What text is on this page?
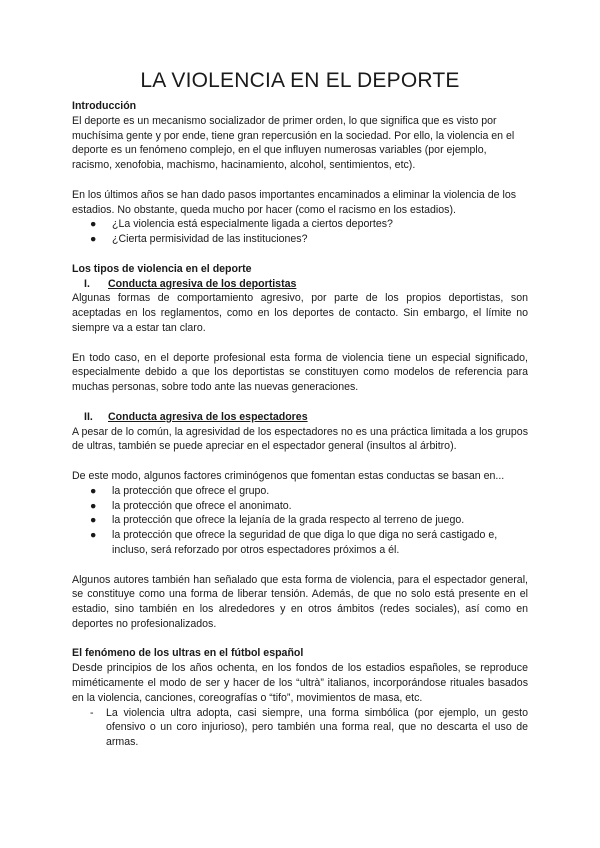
LA VIOLENCIA EN EL DEPORTE

Introducción

El deporte es un mecanismo socializador de primer orden, lo que significa que es visto por muchísima gente y por ende, tiene gran repercusión en la sociedad. Por ello, la violencia en el deporte es un fenómeno complejo, en el que influyen numerosas variables (por ejemplo, racismo, xenofobia, machismo, hacinamiento, alcohol, sentimientos, etc).

En los últimos años se han dado pasos importantes encaminados a eliminar la violencia de los estadios. No obstante, queda mucho por hacer (como el racismo en los estadios).

● ¿La violencia está especialmente ligada a ciertos deportes?
● ¿Cierta permisividad de las instituciones?

Los tipos de violencia en el deporte

I. Conducta agresiva de los deportistas

Algunas formas de comportamiento agresivo, por parte de los propios deportistas, son aceptadas en los reglamentos, como en los deportes de contacto. Sin embargo, el límite no siempre va a estar tan claro.

En todo caso, en el deporte profesional esta forma de violencia tiene un especial significado, especialmente debido a que los deportistas se constituyen como modelos de referencia para muchas personas, sobre todo ante las nuevas generaciones.

II. Conducta agresiva de los espectadores

A pesar de lo común, la agresividad de los espectadores no es una práctica limitada a los grupos de ultras, también se puede apreciar en el espectador general (insultos al árbitro).

De este modo, algunos factores criminógenos que fomentan estas conductas se basan en...

● la protección que ofrece el grupo.
● la protección que ofrece el anonimato.
● la protección que ofrece la lejanía de la grada respecto al terreno de juego.
● la protección que ofrece la seguridad de que diga lo que diga no será castigado e, incluso, será reforzado por otros espectadores próximos a él.

Algunos autores también han señalado que esta forma de violencia, para el espectador general, se constituye como una forma de liberar tensión. Además, de que no solo está presente en el estadio, sino también en los alrededores y en otros ámbitos (redes sociales), así como en deportes no profesionalizados.

El fenómeno de los ultras en el fútbol español

Desde principios de los años ochenta, en los fondos de los estadios españoles, se reproduce miméticamente el modo de ser y hacer de los “ultrà” italianos, incorporándose rituales basados en la violencia, canciones, coreografías o “tifo”, movimientos de masa, etc.

- La violencia ultra adopta, casi siempre, una forma simbólica (por ejemplo, un gesto ofensivo o un coro injurioso), pero también una forma real, que no descarta el uso de armas.
